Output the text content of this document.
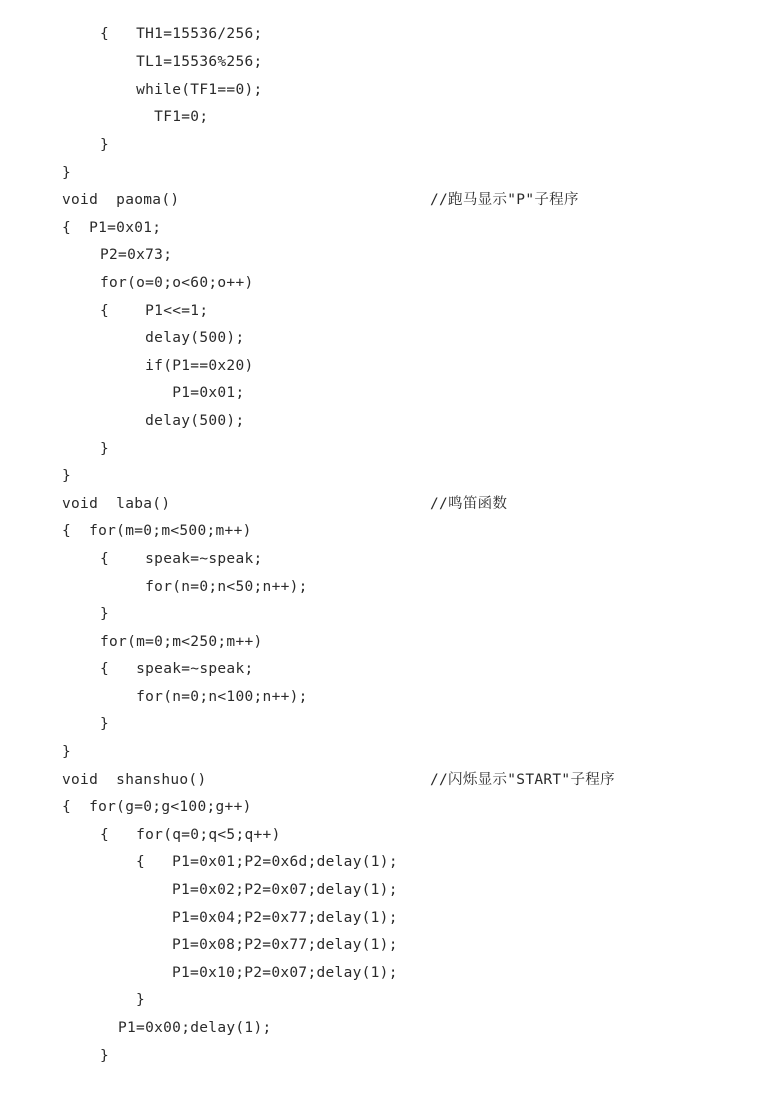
{   TH1=15536/256;
TL1=15536%256;
while(TF1==0);
TF1=0;
}
}
void  paoma()	//跑马显示"P"子程序
{  P1=0x01;
P2=0x73;
for(o=0;o<60;o++)
{    P1<<=1;
delay(500);
if(P1==0x20)
P1=0x01;
delay(500);
}
}
void  laba()	//鸣笛函数
{  for(m=0;m<500;m++)
{    speak=~speak;
for(n=0;n<50;n++);
}
for(m=0;m<250;m++)
{   speak=~speak;
for(n=0;n<100;n++);
}
}
void  shanshuo()	//闪烁显示"START"子程序
{  for(g=0;g<100;g++)
{   for(q=0;q<5;q++)
{   P1=0x01;P2=0x6d;delay(1);
P1=0x02;P2=0x07;delay(1);
P1=0x04;P2=0x77;delay(1);
P1=0x08;P2=0x77;delay(1);
P1=0x10;P2=0x07;delay(1);
}
P1=0x00;delay(1);
}
